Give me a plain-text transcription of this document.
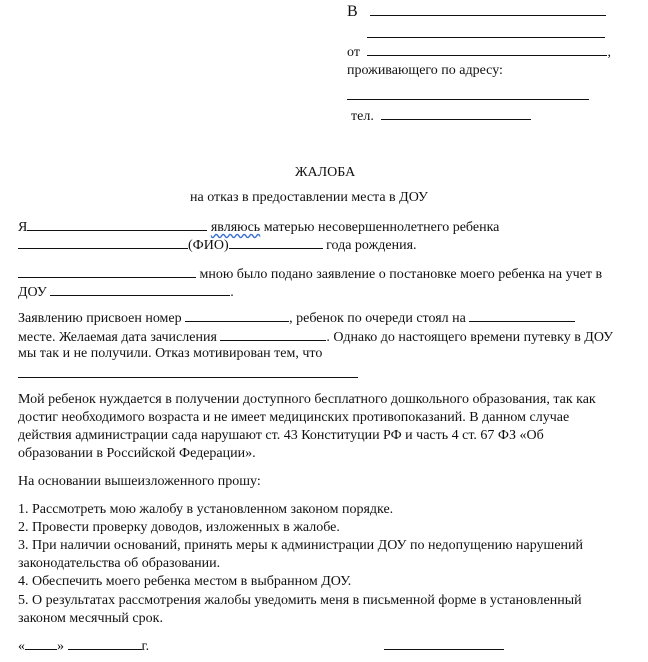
В
от	,
проживающего по адресу:
тел.
ЖАЛОБА
на отказ в предоставлении места в ДОУ
Я	являюсь матерью несовершеннолетнего ребенка
(ФИО)	года рождения.
мною было подано заявление о постановке моего ребенка на учет в
ДОУ	.
Заявлению присвоен номер	, ребенок по очереди стоял на
месте. Желаемая дата зачисления	. Однако до настоящего времени путевку в ДОУ
мы так и не получили. Отказ мотивирован тем, что
Мой ребенок нуждается в получении доступного бесплатного дошкольного образования, так как
достиг необходимого возраста и не имеет медицинских противопоказаний. В данном случае
действия администрации сада нарушают ст. 43 Конституции РФ и часть 4 ст. 67 ФЗ «Об
образовании в Российской Федерации».
На основании вышеизложенного прошу:
1. Рассмотреть мою жалобу в установленном законом порядке.
2. Провести проверку доводов, изложенных в жалобе.
3. При наличии оснований, принять меры к администрации ДОУ по недопущению нарушений
законодательства об образовании.
4. Обеспечить моего ребенка местом в выбранном ДОУ.
5. О результатах рассмотрения жалобы уведомить меня в письменной форме в установленный
законом месячный срок.
« »	г.
